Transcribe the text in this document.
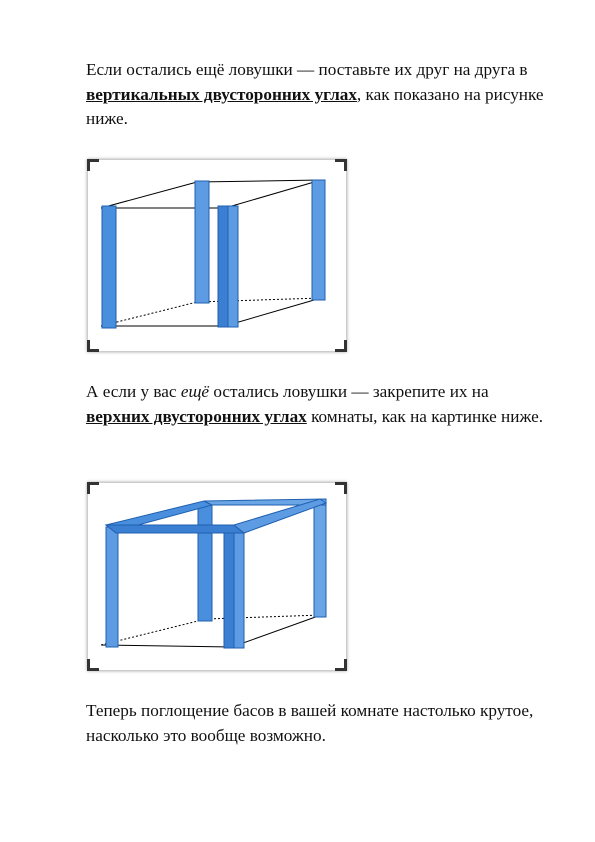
Если остались ещё ловушки — поставьте их друг на друга в вертикальных двусторонних углах, как показано на рисунке ниже.

А если у вас ещё остались ловушки — закрепите их на верхних двусторонних углах комнаты, как на картинке ниже.

Теперь поглощение басов в вашей комнате настолько крутое, насколько это вообще возможно.
